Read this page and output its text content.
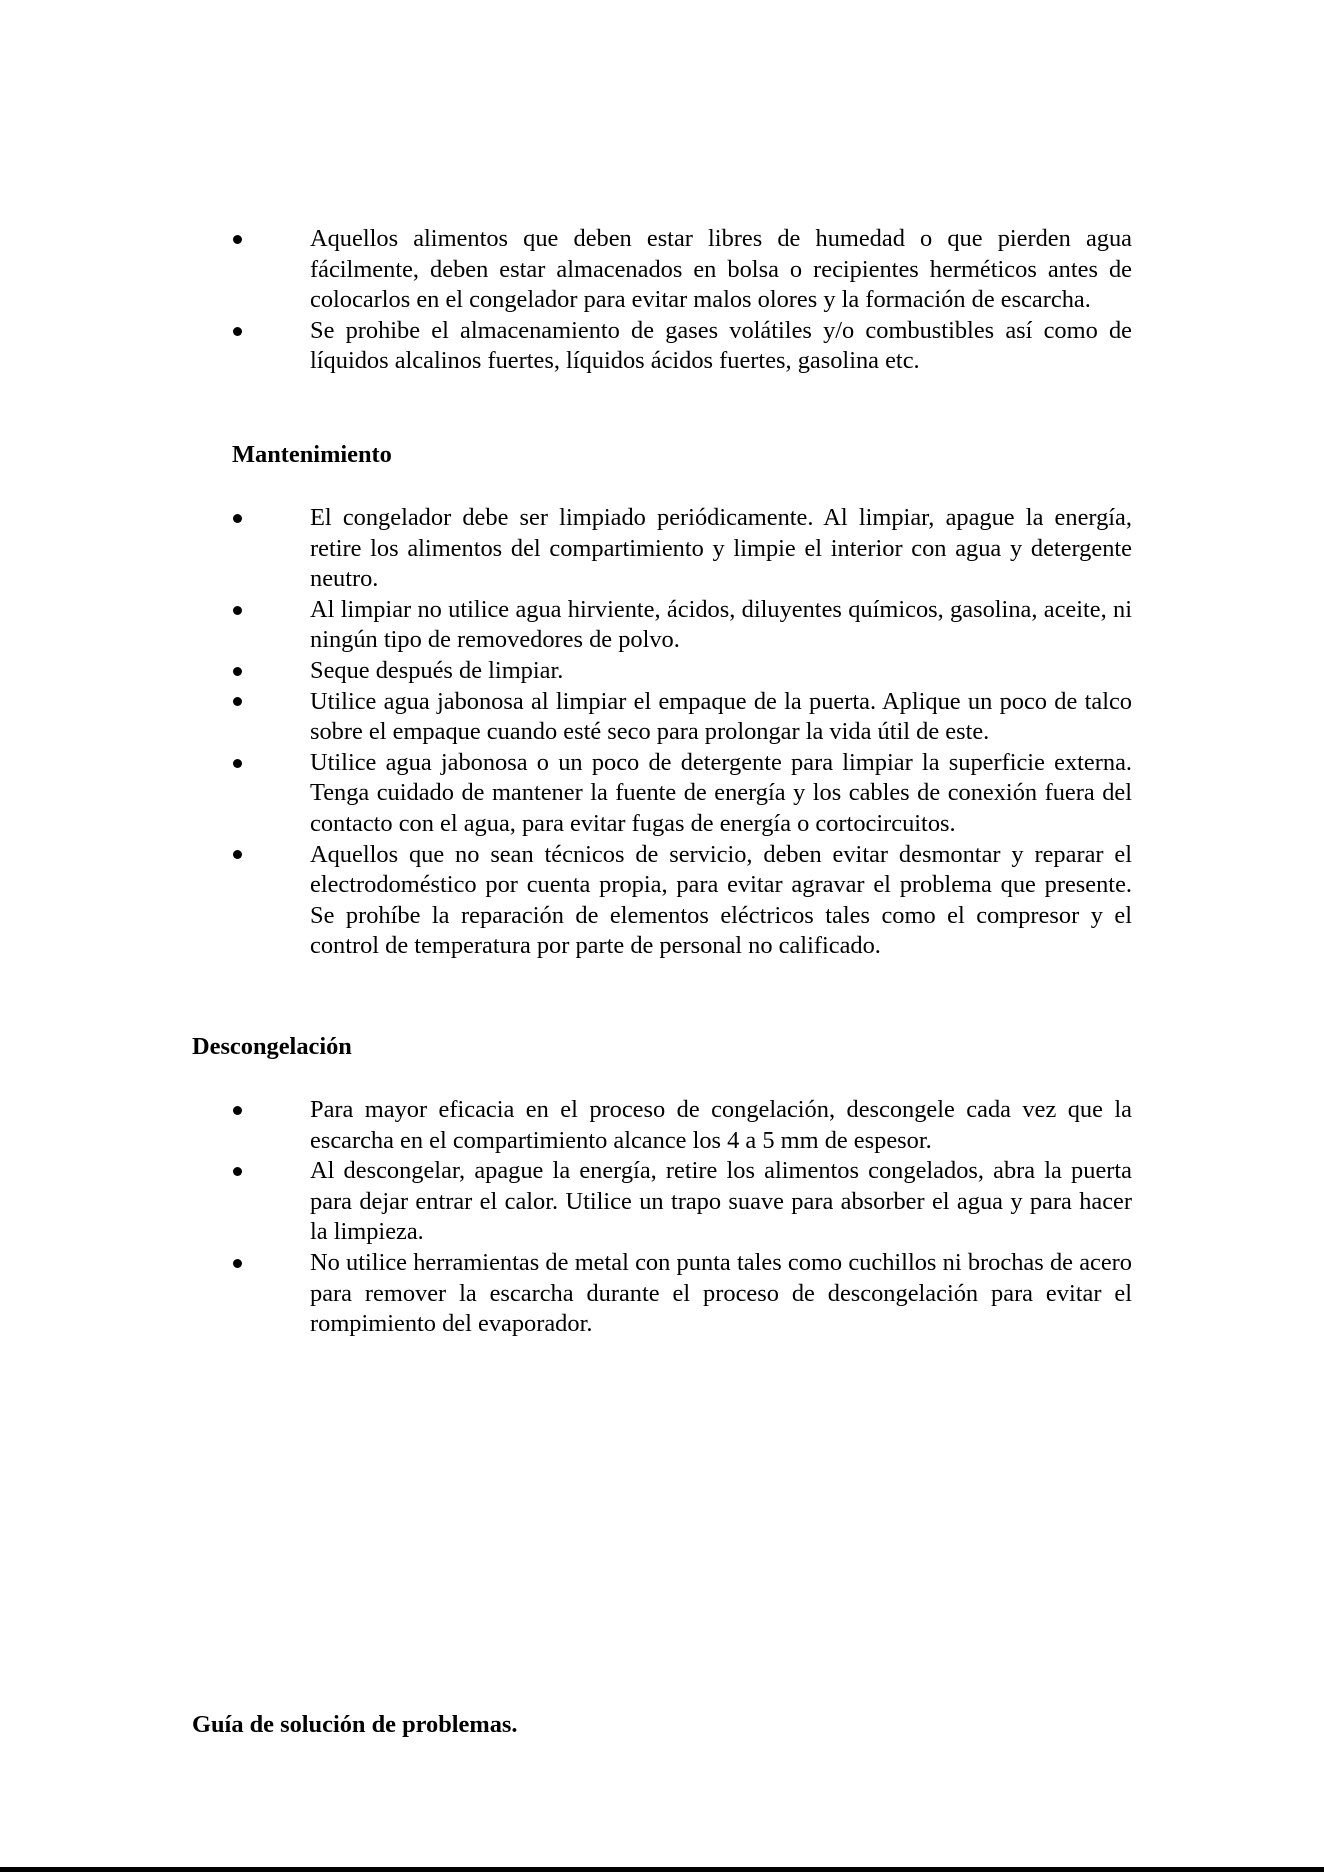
Aquellos alimentos que deben estar libres de humedad o que pierden agua fácilmente, deben estar almacenados en bolsa o recipientes herméticos antes de colocarlos en el congelador para evitar malos olores y la formación de escarcha.
Se prohibe el almacenamiento de gases volátiles y/o combustibles así como de líquidos alcalinos fuertes, líquidos ácidos fuertes, gasolina etc.
Mantenimiento
El congelador debe ser limpiado periódicamente. Al limpiar, apague la energía, retire los alimentos del compartimiento y limpie el interior con agua y detergente neutro.
Al limpiar no utilice agua hirviente, ácidos, diluyentes químicos, gasolina, aceite, ni ningún tipo de removedores de polvo.
Seque después de limpiar.
Utilice agua jabonosa al limpiar el empaque de la puerta. Aplique un poco de talco sobre el empaque cuando esté seco para prolongar la vida útil de este.
Utilice agua jabonosa o un poco de detergente para limpiar la superficie externa. Tenga cuidado de mantener la fuente de energía y los cables de conexión fuera del contacto con el agua, para evitar fugas de energía o cortocircuitos.
Aquellos que no sean técnicos de servicio, deben evitar desmontar y reparar el electrodoméstico por cuenta propia, para evitar agravar el problema que presente. Se prohíbe la reparación de elementos eléctricos tales como el compresor y el control de temperatura por parte de personal no calificado.
Descongelación
Para mayor eficacia en el proceso de congelación, descongele cada vez que la escarcha en el compartimiento alcance los 4 a 5 mm de espesor.
Al descongelar, apague la energía, retire los alimentos congelados, abra la puerta para dejar entrar el calor. Utilice un trapo suave para absorber el agua y para hacer la limpieza.
No utilice herramientas de metal con punta tales como cuchillos ni brochas de acero para remover la escarcha durante el proceso de descongelación para evitar el rompimiento del evaporador.
Guía de solución de problemas.
